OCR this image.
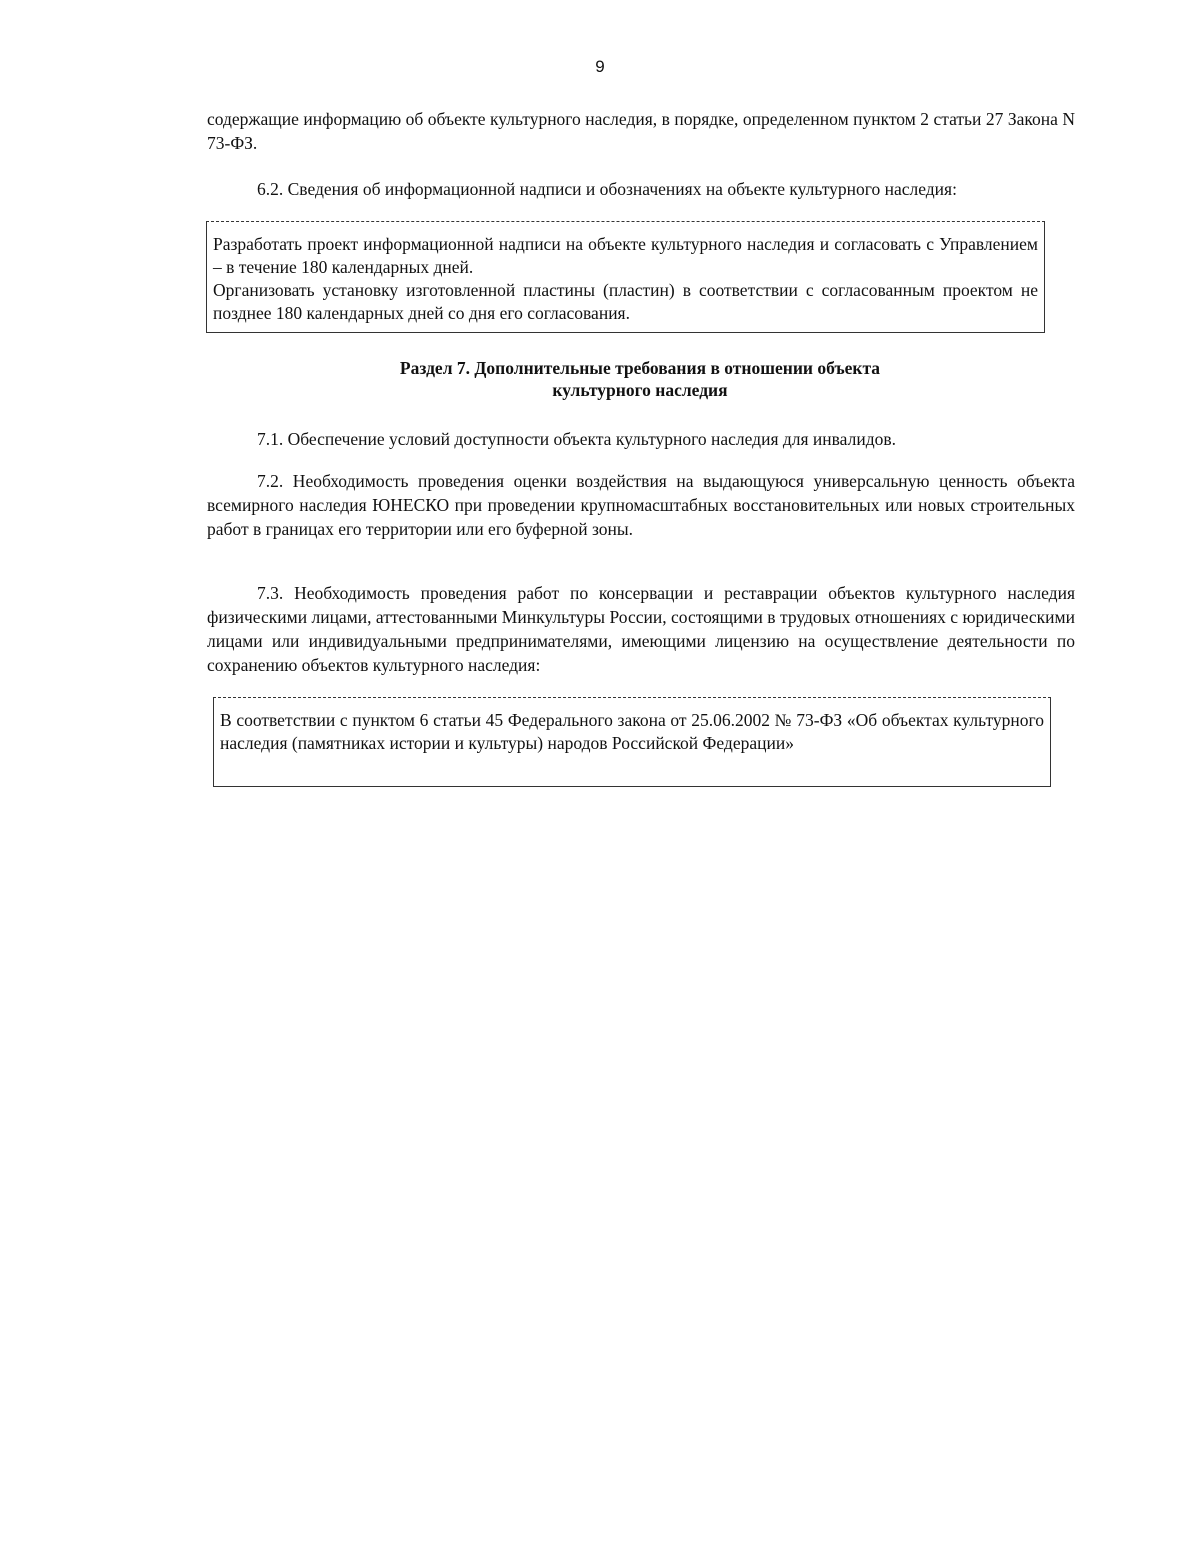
9

содержащие информацию об объекте культурного наследия, в порядке, определенном пунктом 2 статьи 27 Закона N 73-ФЗ.

6.2. Сведения об информационной надписи и обозначениях на объекте культурного наследия:

Разработать проект информационной надписи на объекте культурного наследия и согласовать с Управлением – в течение 180 календарных дней.

Организовать установку изготовленной пластины (пластин) в соответствии с согласованным проектом не позднее 180 календарных дней со дня его согласования.

Раздел 7. Дополнительные требования в отношении объекта
культурного наследия

7.1. Обеспечение условий доступности объекта культурного наследия для инвалидов.

7.2. Необходимость проведения оценки воздействия на выдающуюся универсальную ценность объекта всемирного наследия ЮНЕСКО при проведении крупномасштабных восстановительных или новых строительных работ в границах его территории или его буферной зоны.

7.3. Необходимость проведения работ по консервации и реставрации объектов культурного наследия физическими лицами, аттестованными Минкультуры России, состоящими в трудовых отношениях с юридическими лицами или индивидуальными предпринимателями, имеющими лицензию на осуществление деятельности по сохранению объектов культурного наследия:

В соответствии с пунктом 6 статьи 45 Федерального закона от 25.06.2002 № 73-ФЗ «Об объектах культурного наследия (памятниках истории и культуры) народов Российской Федерации»
